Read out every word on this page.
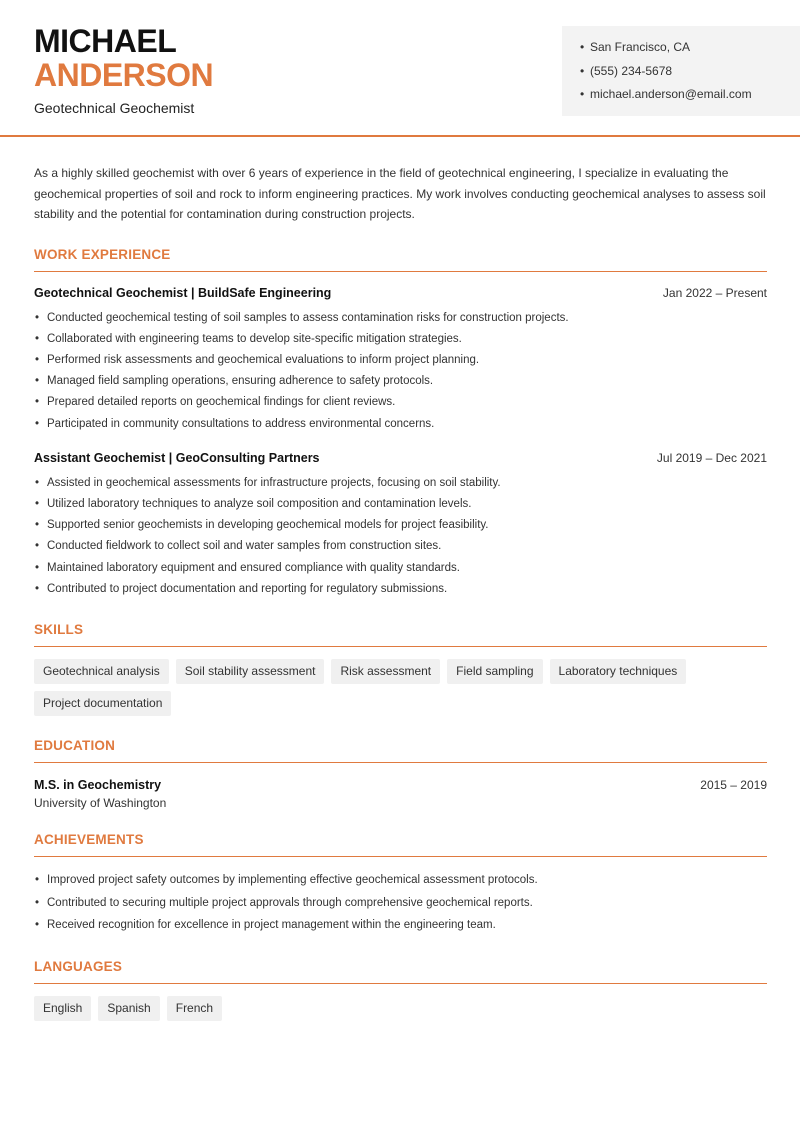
MICHAEL
ANDERSON
Geotechnical Geochemist
• San Francisco, CA
• (555) 234-5678
• michael.anderson@email.com

As a highly skilled geochemist with over 6 years of experience in the field of geotechnical engineering, I specialize in evaluating the geochemical properties of soil and rock to inform engineering practices. My work involves conducting geochemical analyses to assess soil stability and the potential for contamination during construction projects.

WORK EXPERIENCE
Geotechnical Geochemist | BuildSafe Engineering	Jan 2022 – Present
• Conducted geochemical testing of soil samples to assess contamination risks for construction projects.
• Collaborated with engineering teams to develop site-specific mitigation strategies.
• Performed risk assessments and geochemical evaluations to inform project planning.
• Managed field sampling operations, ensuring adherence to safety protocols.
• Prepared detailed reports on geochemical findings for client reviews.
• Participated in community consultations to address environmental concerns.
Assistant Geochemist | GeoConsulting Partners	Jul 2019 – Dec 2021
• Assisted in geochemical assessments for infrastructure projects, focusing on soil stability.
• Utilized laboratory techniques to analyze soil composition and contamination levels.
• Supported senior geochemists in developing geochemical models for project feasibility.
• Conducted fieldwork to collect soil and water samples from construction sites.
• Maintained laboratory equipment and ensured compliance with quality standards.
• Contributed to project documentation and reporting for regulatory submissions.
SKILLS
Geotechnical analysis	Soil stability assessment	Risk assessment	Field sampling	Laboratory techniques
Project documentation
EDUCATION
M.S. in Geochemistry	2015 – 2019
University of Washington
ACHIEVEMENTS
• Improved project safety outcomes by implementing effective geochemical assessment protocols.
• Contributed to securing multiple project approvals through comprehensive geochemical reports.
• Received recognition for excellence in project management within the engineering team.
LANGUAGES
English	Spanish	French
